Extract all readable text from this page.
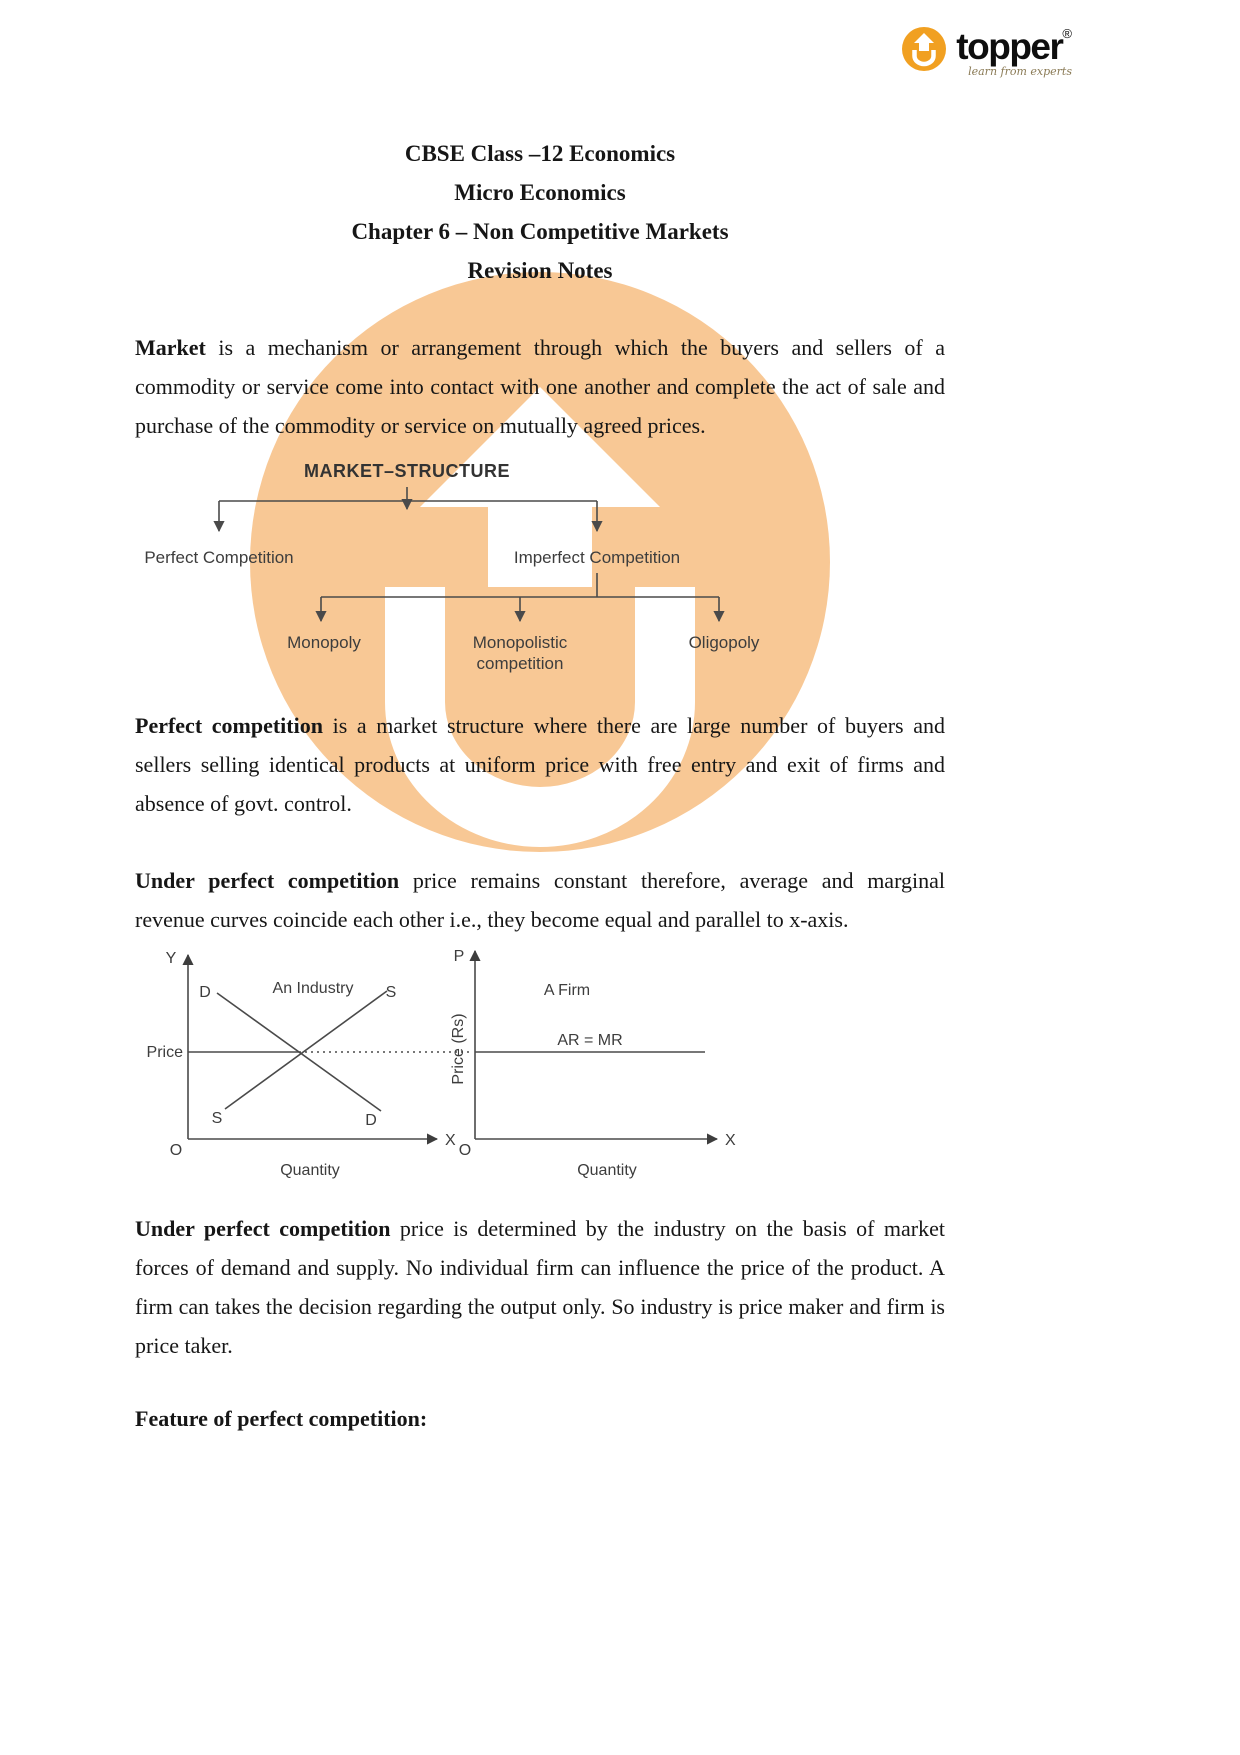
topper ®
learn from experts
CBSE Class –12 Economics
Micro Economics
Chapter 6 – Non Competitive Markets
Revision Notes

Market is a mechanism or arrangement through which the buyers and sellers of a commodity or service come into contact with one another and complete the act of sale and purchase of the commodity or service on mutually agreed prices.

MARKET–STRUCTURE
Perfect Competition	Imperfect Competition
Monopoly	Monopolistic
competition
Oligopoly

Perfect competition is a market structure where there are large number of buyers and sellers selling identical products at uniform price with free entry and exit of firms and absence of govt. control.

Under perfect competition price remains constant therefore, average and marginal revenue curves coincide each other i.e., they become equal and parallel to x-axis.

Y
D	An Industry S
Price
S	D
X
O
Quantity
P
Price (Rs)
A Firm
AR = MR
X
O
Quantity

Under perfect competition price is determined by the industry on the basis of market forces of demand and supply. No individual firm can influence the price of the product. A firm can takes the decision regarding the output only. So industry is price maker and firm is price taker.

Feature of perfect competition:
